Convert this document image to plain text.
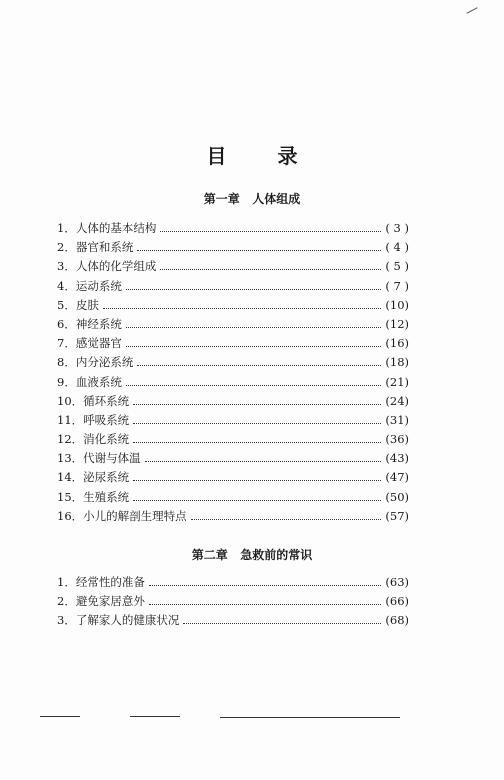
目 录
第一章   人体组成
1． 人体的基本结构	( 3 )
2． 器官和系统	( 4 )
3． 人体的化学组成	( 5 )
4． 运动系统	( 7 )
5． 皮肤	(10)
6． 神经系统	(12)
7． 感觉器官	(16)
8． 内分泌系统	(18)
9． 血液系统	(21)
10． 循环系统	(24)
11． 呼吸系统	(31)
12． 消化系统	(36)
13． 代谢与体温	(43)
14． 泌尿系统	(47)
15． 生殖系统	(50)
16． 小儿的解剖生理特点	(57)
第二章   急救前的常识
1． 经常性的准备	(63)
2． 避免家居意外	(66)
3． 了解家人的健康状况	(68)
